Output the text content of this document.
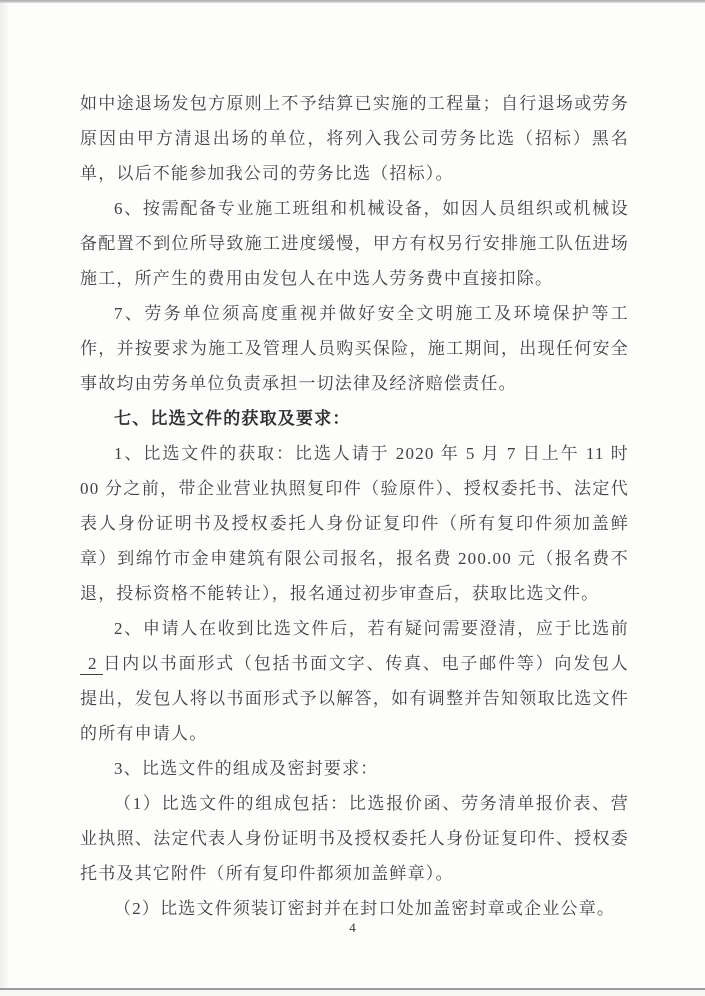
如中途退场发包方原则上不予结算已实施的工程量；自行退场或劳务原因由甲方清退出场的单位，将列入我公司劳务比选（招标）黑名单，以后不能参加我公司的劳务比选（招标）。

6、按需配备专业施工班组和机械设备，如因人员组织或机械设备配置不到位所导致施工进度缓慢，甲方有权另行安排施工队伍进场施工，所产生的费用由发包人在中选人劳务费中直接扣除。

7、劳务单位须高度重视并做好安全文明施工及环境保护等工作，并按要求为施工及管理人员购买保险，施工期间，出现任何安全事故均由劳务单位负责承担一切法律及经济赔偿责任。

七、比选文件的获取及要求：

1、比选文件的获取：比选人请于 2020 年 5 月 7 日上午 11 时 00 分之前，带企业营业执照复印件（验原件）、授权委托书、法定代表人身份证明书及授权委托人身份证复印件（所有复印件须加盖鲜章）到绵竹市金申建筑有限公司报名，报名费 200.00 元（报名费不退，投标资格不能转让），报名通过初步审查后，获取比选文件。

2、申请人在收到比选文件后，若有疑问需要澄清，应于比选前 2 日内以书面形式（包括书面文字、传真、电子邮件等）向发包人提出，发包人将以书面形式予以解答，如有调整并告知领取比选文件的所有申请人。

3、比选文件的组成及密封要求：

（1）比选文件的组成包括：比选报价函、劳务清单报价表、营业执照、法定代表人身份证明书及授权委托人身份证复印件、授权委托书及其它附件（所有复印件都须加盖鲜章）。

（2）比选文件须装订密封并在封口处加盖密封章或企业公章。

4
